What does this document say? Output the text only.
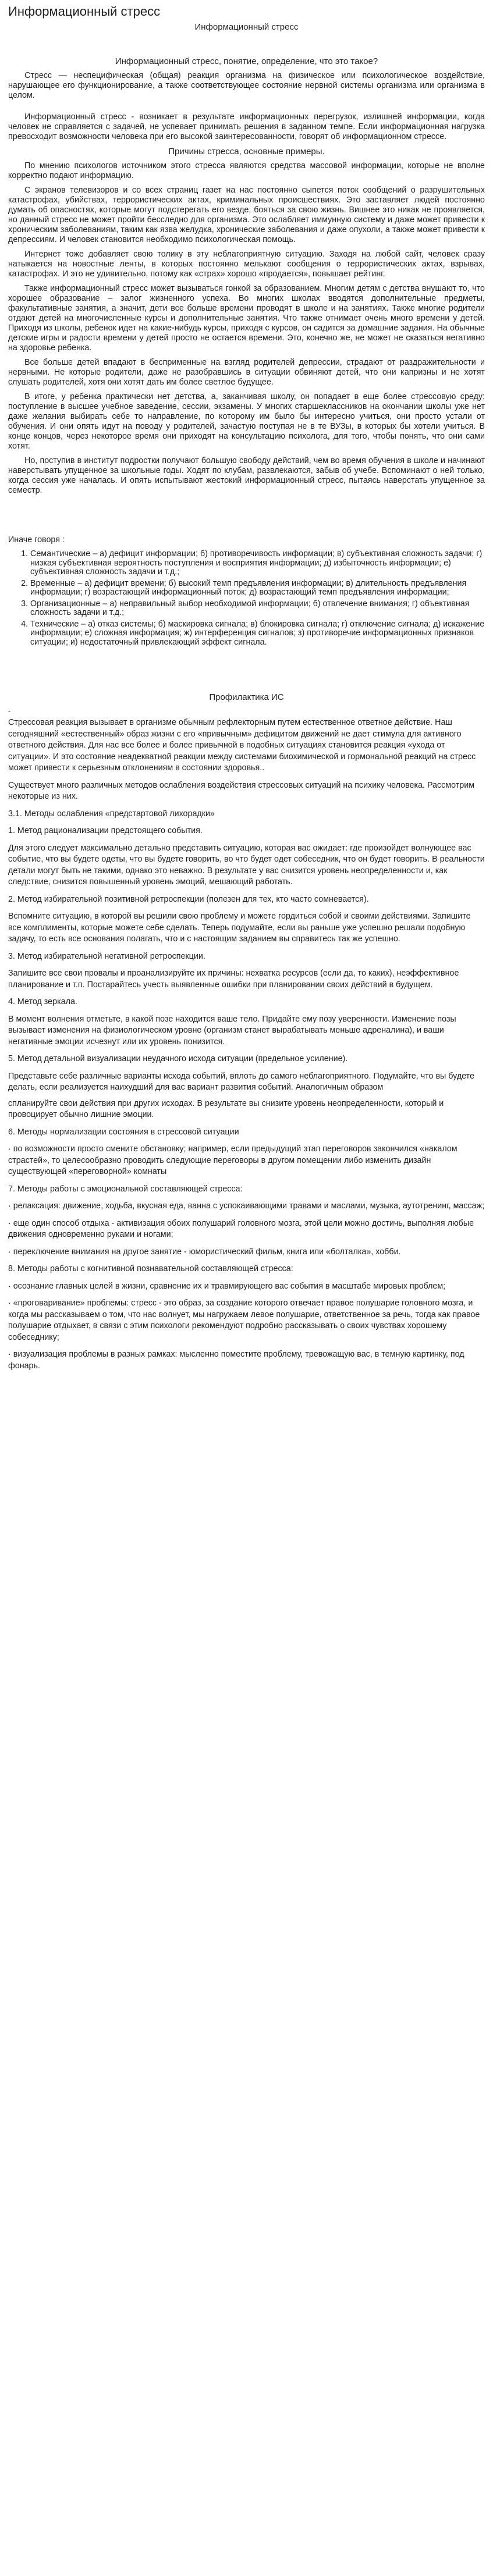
Информационный стресс
Информационный стресс
Информационный стресс, понятие, определение, что это такое?

Стресс — неспецифическая (общая) реакция организма на физическое или психологическое воздействие, нарушающее его функционирование, а также соответствующее состояние нервной системы организма или организма в целом.

Информационный стресс - возникает в результате информационных перегрузок, излишней информации, когда человек не справляется с задачей, не успевает принимать решения в заданном темпе. Если информационная нагрузка превосходит возможности человека при его высокой заинтересованности, говорят об информационном стрессе.

Причины стресса, основные примеры.

По мнению психологов источником этого стресса являются средства массовой информации, которые не вполне корректно подают информацию.

С экранов телевизоров и со всех страниц газет на нас постоянно сыпется поток сообщений о разрушительных катастрофах, убийствах, террористических актах, криминальных происшествиях. Это заставляет людей постоянно думать об опасностях, которые могут подстерегать его везде, бояться за свою жизнь. Вишнее это никак не проявляется, но данный стресс не может пройти бесследно для организма. Это ослабляет иммунную систему и даже может привести к хроническим заболеваниям, таким как язва желудка, хронические заболевания и даже опухоли, а также может привести к депрессиям. И человек становится необходимо психологическая помощь.

Интернет тоже добавляет свою толику в эту неблагоприятную ситуацию. Заходя на любой сайт, человек сразу натыкается на новостные ленты, в которых постоянно мелькают сообщения о террористических актах, взрывах, катастрофах. И это не удивительно, потому как «страх» хорошо «продается», повышает рейтинг.

Также информационный стресс может вызываться гонкой за образованием. Многим детям с детства внушают то, что хорошее образование – залог жизненного успеха. Во многих школах вводятся дополнительные предметы, факультативные занятия, а значит, дети все больше времени проводят в школе и на занятиях. Также многие родители отдают детей на многочисленные курсы и дополнительные занятия. Что также отнимает очень много времени у детей. Приходя из школы, ребенок идет на какие-нибудь курсы, приходя с курсов, он садится за домашние задания. На обычные детские игры и радости времени у детей просто не остается времени. Это, конечно же, не может не сказаться негативно на здоровье ребенка.

Все больше детей впадают в бесприменные на взгляд родителей депрессии, страдают от раздражительности и нервными. Не которые родители, даже не разобравшись в ситуации обвиняют детей, что они капризны и не хотят слушать родителей, хотя они хотят дать им более светлое будущее.

В итоге, у ребенка практически нет детства, а, заканчивая школу, он попадает в еще более стрессовую среду: поступление в высшее учебное заведение, сессии, экзамены. У многих старшеклассников на окончании школы уже нет даже желания выбирать себе то направление, по которому им было бы интересно учиться, они просто устали от обучения. И они опять идут на поводу у родителей, зачастую поступая не в те ВУЗы, в которых бы хотели учиться. В конце концов, через некоторое время они приходят на консультацию психолога, для того, чтобы понять, что они сами хотят.

Но, поступив в институт подростки получают большую свободу действий, чем во время обучения в школе и начинают наверстывать упущенное за школьные годы. Ходят по клубам, развлекаются, забыв об учебе. Вспоминают о ней только, когда сессия уже началась. И опять испытывают жестокий информационный стресс, пытаясь наверстать упущенное за семестр.

Иначе говоря :

1. Семантические – а) дефицит информации; б) противоречивость информации; в) субъективная сложность задачи; г) низкая субъективная вероятность поступления и восприятия информации; д) избыточность информации; е) субъективная сложность задачи и т.д.;
2. Временные – а) дефицит времени; б) высокий темп предъявления информации; в) длительность предъявления информации; г) возрастающий информационный поток; д) возрастающий темп предъявления информации;
3. Организационные – а) неправильный выбор необходимой информации; б) отвлечение внимания; г) объективная сложность задачи и т.д.;
4. Технические – а) отказ системы; б) маскировка сигнала; в) блокировка сигнала; г) отключение сигнала; д) искажение информации; е) сложная информация; ж) интерференция сигналов; з) противоречие информационных признаков ситуации; и) недостаточный привлекающий эффект сигнала.
Профилактика ИС
-
Стрессовая реакция вызывает в организме обычным рефлекторным путем естественное ответное действие. Наш сегодняшний «естественный» образ жизни с его «привычным» дефицитом движений не дает стимула для активного ответного действия. Для нас все более и более привычной в подобных ситуациях становится реакция «ухода от ситуации». И это состояние неадекватной реакции между системами биохимической и гормональной реакций на стресс может привести к серьезным отклонениям в состоянии здоровья..
Существует много различных методов ослабления воздействия стрессовых ситуаций на психику человека. Рассмотрим некоторые из них.
3.1. Методы ослабления «предстартовой лихорадки»
1. Метод рационализации предстоящего события.
Для этого следует максимально детально представить ситуацию, которая вас ожидает: где произойдет волнующее вас событие, что вы будете одеты, что вы будете говорить, во что будет одет собеседник, что он будет говорить. В реальности детали могут быть не такими, однако это неважно. В результате у вас снизится уровень неопределенности и, как следствие, снизится повышенный уровень эмоций, мешающий работать.
2. Метод избирательной позитивной ретроспекции (полезен для тех, кто часто сомневается).
Вспомните ситуацию, в которой вы решили свою проблему и можете гордиться собой и своими действиями. Запишите все комплименты, которые можете себе сделать. Теперь подумайте, если вы раньше уже успешно решали подобную задачу, то есть все основания полагать, что и с настоящим заданием вы справитесь так же успешно.
3. Метод избирательной негативной ретроспекции.
Запишите все свои провалы и проанализируйте их причины: нехватка ресурсов (если да, то каких), неэффективное планирование и т.п. Постарайтесь учесть выявленные ошибки при планировании своих действий в будущем.
4. Метод зеркала.
В момент волнения отметьте, в какой позе находится ваше тело. Придайте ему позу уверенности. Изменение позы вызывает изменения на физиологическом уровне (организм станет вырабатывать меньше адреналина), и ваши негативные эмоции исчезнут или их уровень понизится.
5. Метод детальной визуализации неудачного исхода ситуации (предельное усиление).
Представьте себе различные варианты исхода событий, вплоть до самого неблагоприятного. Подумайте, что вы будете делать, если реализуется наихудший для вас вариант развития событий. Аналогичным образом
спланируйте свои действия при других исходах. В результате вы снизите уровень неопределенности, который и провоцирует обычно лишние эмоции.
6. Методы нормализации состояния в стрессовой ситуации
· по возможности просто смените обстановку; например, если предыдущий этап переговоров закончился «накалом страстей», то целесообразно проводить следующие переговоры в другом помещении либо изменить дизайн существующей «переговорной» комнаты
7. Методы работы с эмоциональной составляющей стресса:
· релаксация: движение, ходьба, вкусная еда, ванна с успокаивающими травами и маслами, музыка, аутотренинг, массаж;
· еще один способ отдыха - активизация обоих полушарий головного мозга, этой цели можно достичь, выполняя любые движения одновременно руками и ногами;
· переключение внимания на другое занятие - юмористический фильм, книга или «болталка», хобби.
8. Методы работы с когнитивной познавательной составляющей стресса:
· осознание главных целей в жизни, сравнение их и травмирующего вас события в масштабе мировых проблем;
· «проговаривание» проблемы: стресс - это образ, за создание которого отвечает правое полушарие головного мозга, и когда мы рассказываем о том, что нас волнует, мы нагружаем левое полушарие, ответственное за речь, тогда как правое полушарие отдыхает, в связи с этим психологи рекомендуют подробно рассказывать о своих чувствах хорошему собеседнику;
· визуализация проблемы в разных рамках: мысленно поместите проблему, тревожащую вас, в темную картинку, под фонарь.
